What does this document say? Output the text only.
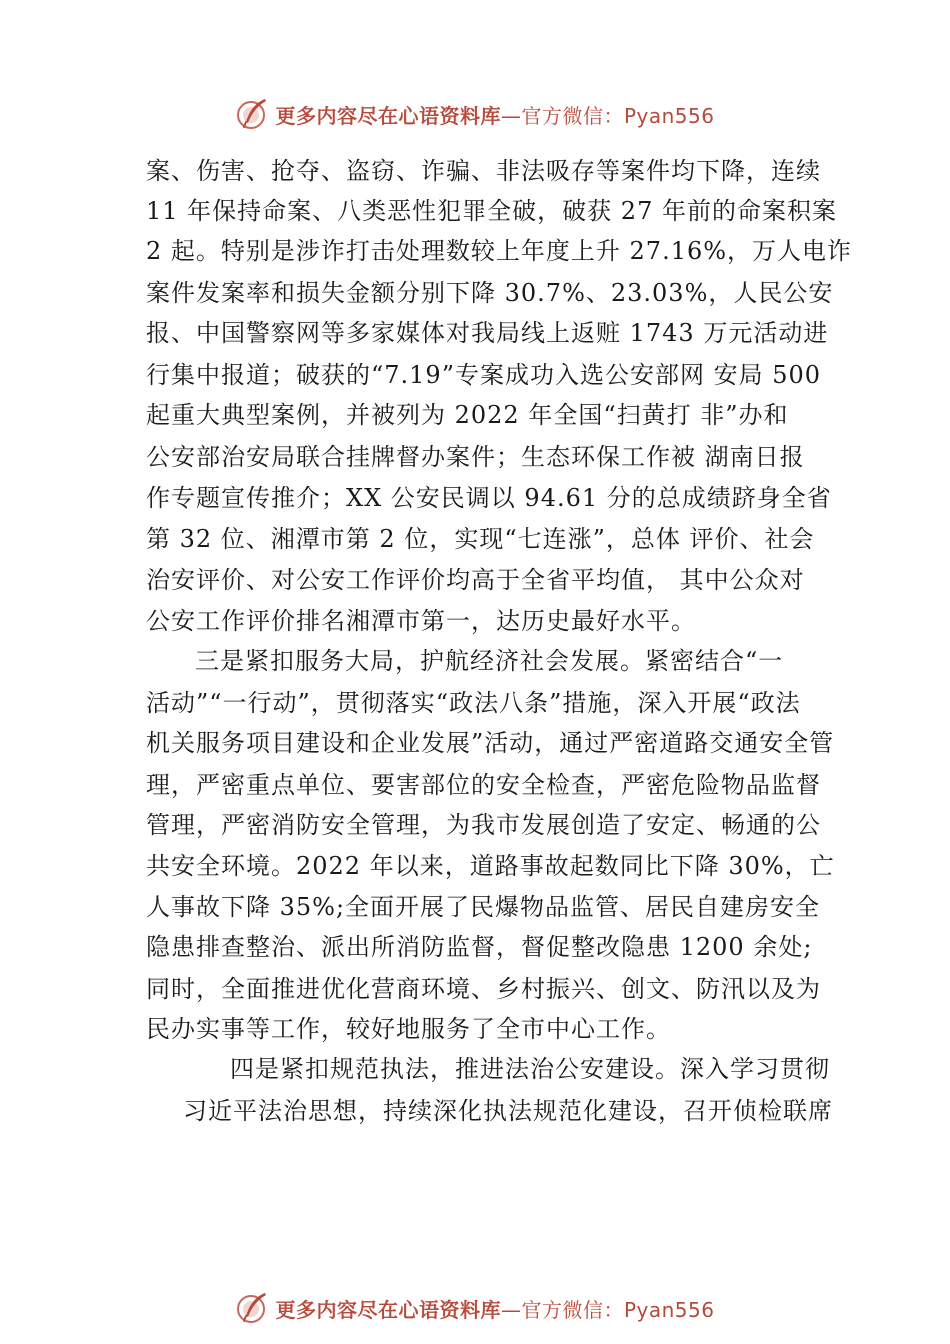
更多内容尽在心语资料库—官方微信：Pyan556
案、伤害、抢夺、盗窃、诈骗、非法吸存等案件均下降，连续
11 年保持命案、八类恶性犯罪全破，破获 27 年前的命案积案
2 起。特别是涉诈打击处理数较上年度上升 27.16%，万人电诈
案件发案率和损失金额分别下降 30.7%、23.03%，人民公安
报、中国警察网等多家媒体对我局线上返赃 1743 万元活动进
行集中报道；破获的“7.19”专案成功入选公安部网 安局 500
起重大典型案例，并被列为 2022 年全国“扫黄打 非”办和
公安部治安局联合挂牌督办案件；生态环保工作被 湖南日报
作专题宣传推介；XX 公安民调以 94.61 分的总成绩跻身全省
第 32 位、湘潭市第 2 位，实现“七连涨”，总体 评价、社会
治安评价、对公安工作评价均高于全省平均值， 其中公众对
公安工作评价排名湘潭市第一，达历史最好水平。
三是紧扣服务大局，护航经济社会发展。紧密结合“一
活动”“一行动”，贯彻落实“政法八条”措施，深入开展“政法
机关服务项目建设和企业发展”活动，通过严密道路交通安全管
理，严密重点单位、要害部位的安全检查，严密危险物品监督
管理，严密消防安全管理，为我市发展创造了安定、畅通的公
共安全环境。2022 年以来，道路事故起数同比下降 30%，亡
人事故下降 35%;全面开展了民爆物品监管、居民自建房安全
隐患排查整治、派出所消防监督，督促整改隐患 1200 余处;
同时，全面推进优化营商环境、乡村振兴、创文、防汛以及为
民办实事等工作，较好地服务了全市中心工作。
四是紧扣规范执法，推进法治公安建设。深入学习贯彻
习近平法治思想，持续深化执法规范化建设，召开侦检联席
更多内容尽在心语资料库—官方微信：Pyan556
